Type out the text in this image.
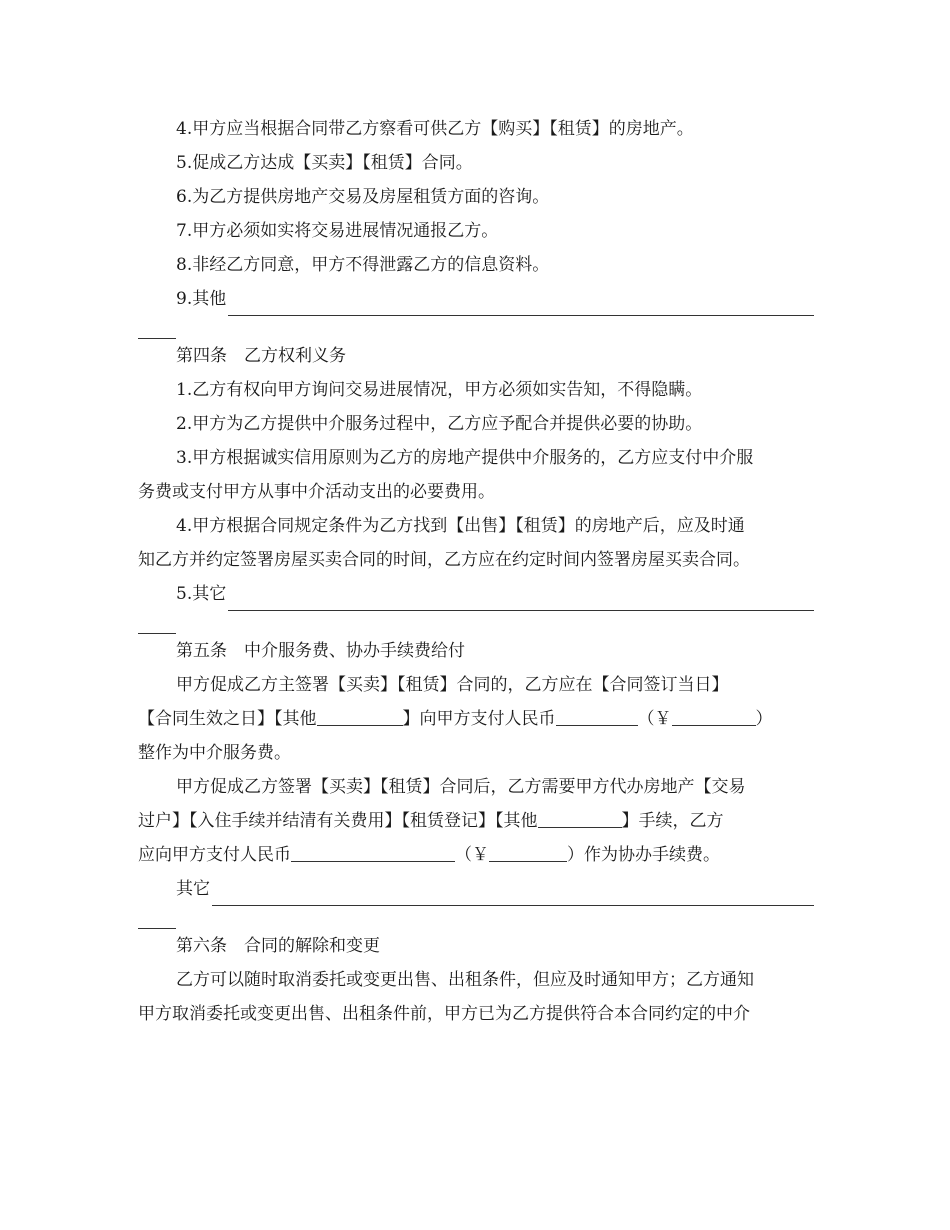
4.甲方应当根据合同带乙方察看可供乙方【购买】【租赁】的房地产。
5.促成乙方达成【买卖】【租赁】合同。
6.为乙方提供房地产交易及房屋租赁方面的咨询。
7.甲方必须如实将交易进展情况通报乙方。
8.非经乙方同意，甲方不得泄露乙方的信息资料。
9.其他
第四条　乙方权利义务
1.乙方有权向甲方询问交易进展情况，甲方必须如实告知，不得隐瞒。
2.甲方为乙方提供中介服务过程中，乙方应予配合并提供必要的协助。
3.甲方根据诚实信用原则为乙方的房地产提供中介服务的，乙方应支付中介服
务费或支付甲方从事中介活动支出的必要费用。
4.甲方根据合同规定条件为乙方找到【出售】【租赁】的房地产后，应及时通
知乙方并约定签署房屋买卖合同的时间，乙方应在约定时间内签署房屋买卖合同。
5.其它
第五条　中介服务费、协办手续费给付
甲方促成乙方主签署【买卖】【租赁】合同的，乙方应在【合同签订当日】
【合同生效之日】【其他	】向甲方支付人民币	（￥	）
整作为中介服务费。
甲方促成乙方签署【买卖】【租赁】合同后，乙方需要甲方代办房地产【交易
过户】【入住手续并结清有关费用】【租赁登记】【其他	】手续，乙方
应向甲方支付人民币	（￥	）作为协办手续费。
其它
第六条　合同的解除和变更
乙方可以随时取消委托或变更出售、出租条件，但应及时通知甲方；乙方通知
甲方取消委托或变更出售、出租条件前，甲方已为乙方提供符合本合同约定的中介
